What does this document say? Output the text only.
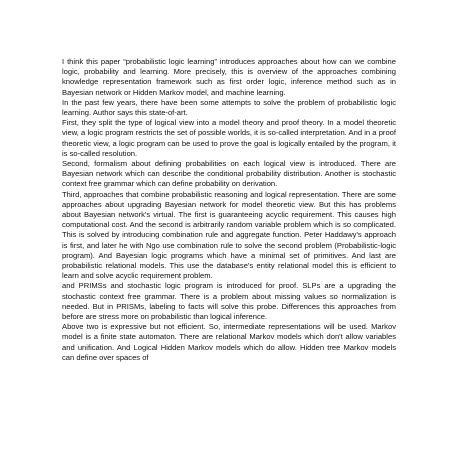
I think this paper “probabilistic logic learning” introduces approaches about how can we combine logic, probability and learning. More precisely, this is overview of the approaches combining knowledge representation framework such as first order logic, inference method such as in Bayesian network or Hidden Markov model, and machine learning.

In the past few years, there have been some attempts to solve the problem of probabilistic logic learning. Author says this state-of-art.

First, they split the type of logical view into a model theory and proof theory. In a model theoretic view, a logic program restricts the set of possible worlds, it is so-called interpretation. And in a proof theoretic view, a logic program can be used to prove the goal is logically entailed by the program, it is so-called resolution.

Second, formalism about defining probabilities on each logical view is introduced. There are Bayesian network which can describe the conditional probability distribution. Another is stochastic context free grammar which can define probability on derivation.

Third, approaches that combine probabilistic reasoning and logical representation. There are some approaches about upgrading Bayesian network for model theoretic view. But this has problems about Bayesian network's virtual. The first is guaranteeing acyclic requirement. This causes high computational cost. And the second is arbitrarily random variable problem which is so complicated. This is solved by introducing combination rule and aggregate function. Peter Haddawy's approach is first, and later he with Ngo use combination rule to solve the second problem (Probabilistic-logic program). And Bayesian logic programs which have a minimal set of primitives. And last are probabilistic relational models. This use the database's entity relational model this is efficient to learn and solve acyclic requirement problem.

and PRIMSs and stochastic logic program is introduced for proof. SLPs are a upgrading the stochastic context free grammar. There is a problem about missing values so normalization is needed. But in PRISMs, labeling to facts will solve this probe. Differences this approaches from before are stress more on probabilistic than logical inference.

Above two is expressive but not efficient. So, intermediate representations will be used. Markov model is a finite state automaton. There are relational Markov models which don't allow variables and unification. And Logical Hidden Markov models which do allow. Hidden tree Markov models can define over spaces of
